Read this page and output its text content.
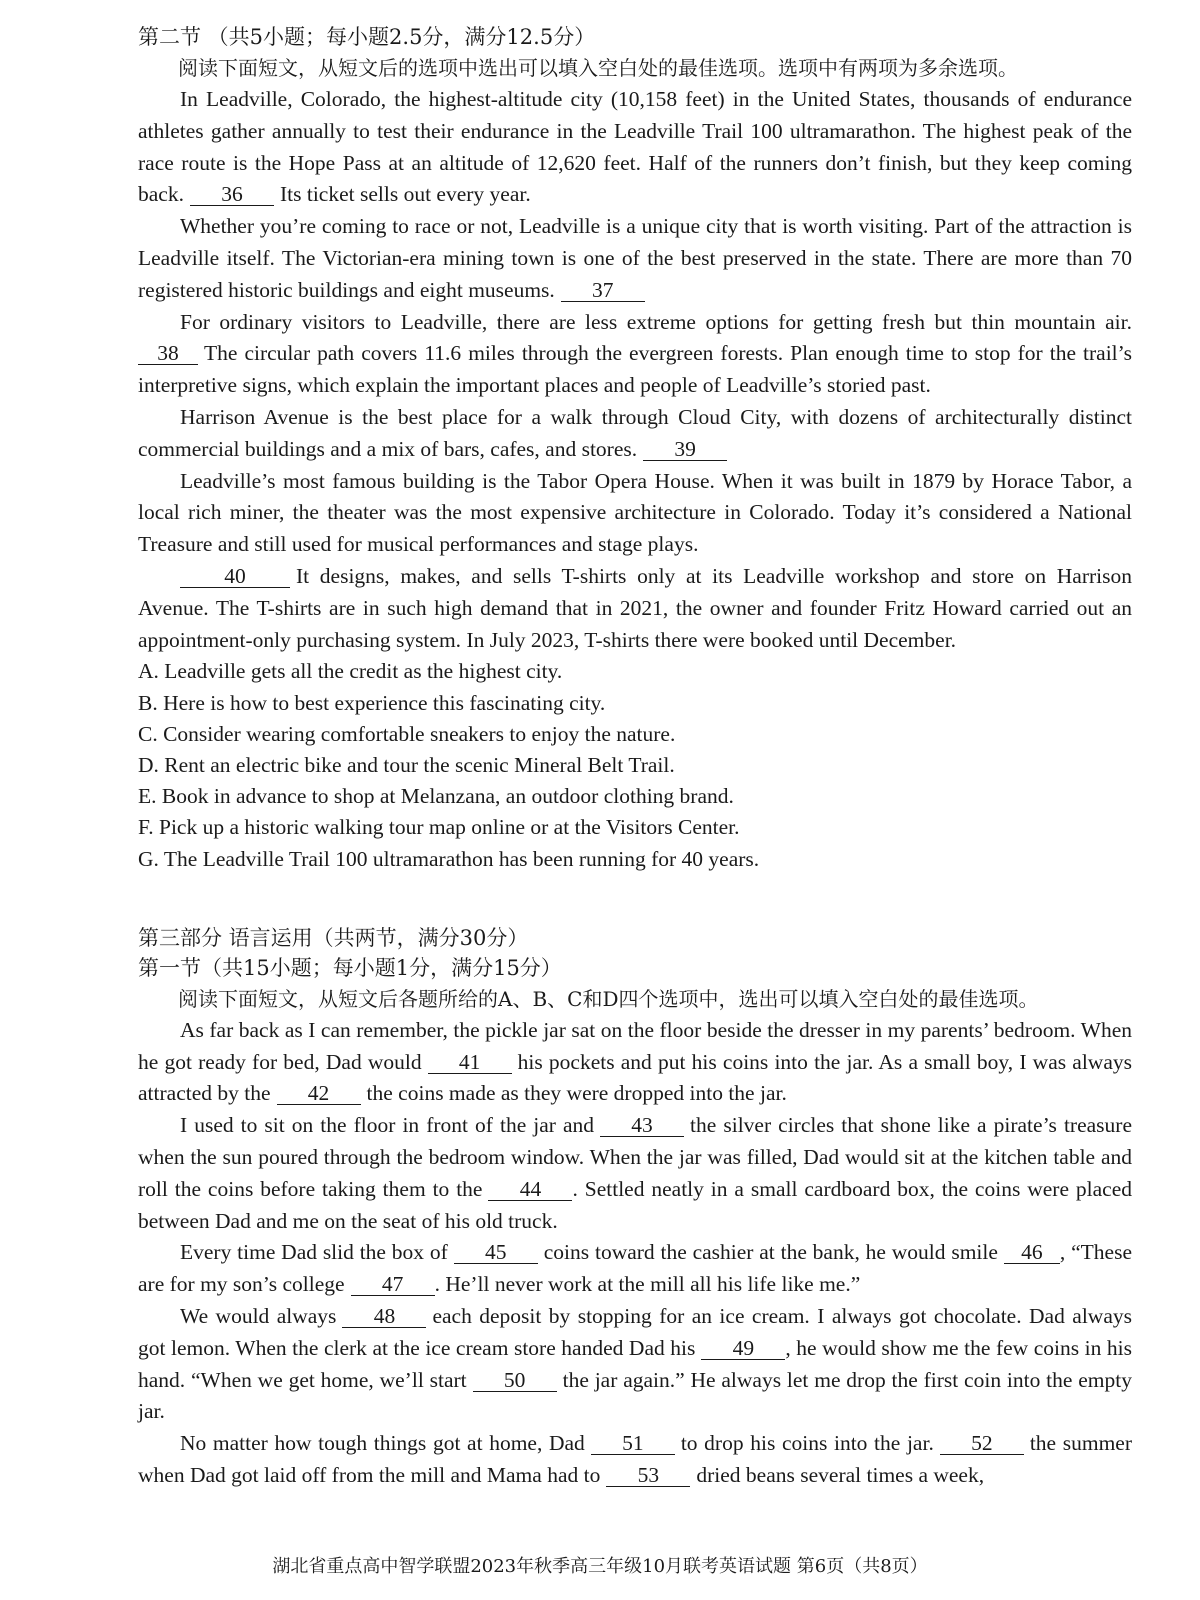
第二节 （共5小题；每小题2.5分，满分12.5分）

阅读下面短文，从短文后的选项中选出可以填入空白处的最佳选项。选项中有两项为多余选项。

In Leadville, Colorado, the highest-altitude city (10,158 feet) in the United States, thousands of endurance athletes gather annually to test their endurance in the Leadville Trail 100 ultramarathon. The highest peak of the race route is the Hope Pass at an altitude of 12,620 feet. Half of the runners don’t finish, but they keep coming back. 36 Its ticket sells out every year.

Whether you’re coming to race or not, Leadville is a unique city that is worth visiting. Part of the attraction is Leadville itself. The Victorian-era mining town is one of the best preserved in the state. There are more than 70 registered historic buildings and eight museums. 37

For ordinary visitors to Leadville, there are less extreme options for getting fresh but thin mountain air. 38 The circular path covers 11.6 miles through the evergreen forests. Plan enough time to stop for the trail’s interpretive signs, which explain the important places and people of Leadville’s storied past.

Harrison Avenue is the best place for a walk through Cloud City, with dozens of architecturally distinct commercial buildings and a mix of bars, cafes, and stores. 39

Leadville’s most famous building is the Tabor Opera House. When it was built in 1879 by Horace Tabor, a local rich miner, the theater was the most expensive architecture in Colorado. Today it’s considered a National Treasure and still used for musical performances and stage plays.

40 It designs, makes, and sells T-shirts only at its Leadville workshop and store on Harrison Avenue. The T-shirts are in such high demand that in 2021, the owner and founder Fritz Howard carried out an appointment-only purchasing system. In July 2023, T-shirts there were booked until December.

A. Leadville gets all the credit as the highest city.
B. Here is how to best experience this fascinating city.
C. Consider wearing comfortable sneakers to enjoy the nature.
D. Rent an electric bike and tour the scenic Mineral Belt Trail.
E. Book in advance to shop at Melanzana, an outdoor clothing brand.
F. Pick up a historic walking tour map online or at the Visitors Center.
G. The Leadville Trail 100 ultramarathon has been running for 40 years.

第三部分 语言运用（共两节，满分30分）

第一节（共15小题；每小题1分，满分15分）

阅读下面短文，从短文后各题所给的A、B、C和D四个选项中，选出可以填入空白处的最佳选项。

As far back as I can remember, the pickle jar sat on the floor beside the dresser in my parents’ bedroom. When he got ready for bed, Dad would 41 his pockets and put his coins into the jar. As a small boy, I was always attracted by the 42 the coins made as they were dropped into the jar.

I used to sit on the floor in front of the jar and 43 the silver circles that shone like a pirate’s treasure when the sun poured through the bedroom window. When the jar was filled, Dad would sit at the kitchen table and roll the coins before taking them to the 44 . Settled neatly in a small cardboard box, the coins were placed between Dad and me on the seat of his old truck.

Every time Dad slid the box of 45 coins toward the cashier at the bank, he would smile 46 , “These are for my son’s college 47 . He’ll never work at the mill all his life like me.”

We would always 48 each deposit by stopping for an ice cream. I always got chocolate. Dad always got lemon. When the clerk at the ice cream store handed Dad his 49 , he would show me the few coins in his hand. “When we get home, we’ll start 50 the jar again.” He always let me drop the first coin into the empty jar.

No matter how tough things got at home, Dad 51 to drop his coins into the jar. 52 the summer when Dad got laid off from the mill and Mama had to 53 dried beans several times a week,

湖北省重点高中智学联盟2023年秋季高三年级10月联考英语试题 第6页（共8页）
